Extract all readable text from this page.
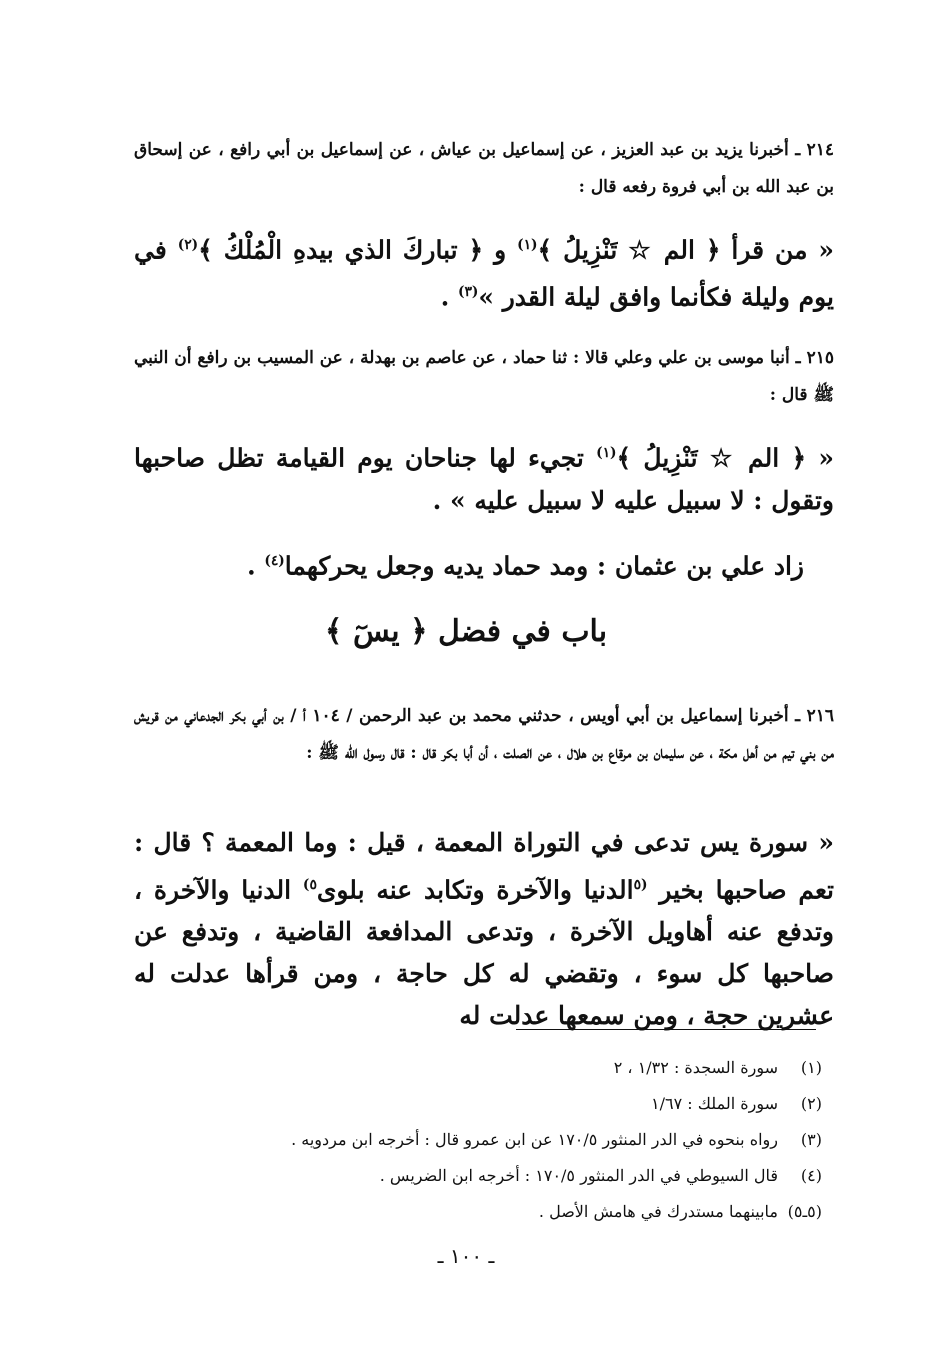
٢١٤ ـ أخبرنا يزيد بن عبد العزيز ، عن إسماعيل بن عياش ، عن إسماعيل بن أبي رافع ، عن إسحاق بن عبد الله بن أبي فروة رفعه قال :
« من قرأ ﴿ الم ☆ تَنْزِيلُ ﴾$^{(١)}$ و ﴿ تباركَ الذي بيدهِ الْمُلْكُ ﴾$^{(٢)}$ في يوم وليلة فكأنما وافق ليلة القدر »$^{(٣)}$ .
٢١٥ ـ أنبا موسى بن علي وعلي قالا : ثنا حماد ، عن عاصم بن بهدلة ، عن المسيب بن رافع أن النبي ﷺ قال :
« ﴿ الم ☆ تَنْزِيلُ ﴾$^{(١)}$ تجيء لها جناحان يوم القيامة تظل صاحبها وتقول : لا سبيل عليه لا سبيل عليه » .
زاد علي بن عثمان : ومد حماد يديه وجعل يحركهما$^{(٤)}$ .
باب في فضل ﴿ يسٓ ﴾
٢١٦ ـ أخبرنا إسماعيل بن أبي أويس ، حدثني محمد بن عبد الرحمن / ١٠٤ أ / بن أبي بكر الجدعاني من قريش من بني تيم من أهل مكة ، عن سليمان بن مرقاع بن هلال ، عن الصلت ، أن أبا بكر قال : قال رسول الله ﷺ :
« سورة يس تدعى في التوراة المعمة ، قيل : وما المعمة ؟ قال : تعم صاحبها بخير $^{(٥}$الدنيا والآخرة وتكابد عنه بلوى$^{٥)}$ الدنيا والآخرة ، وتدفع عنه أهاويل الآخرة ، وتدعى المدافعة القاضية ، وتدفع عن صاحبها كل سوء ، وتقضي له كل حاجة ، ومن قرأها عدلت له عشرين حجة ، ومن سمعها عدلت له
(١)
سورة السجدة : ١/٣٢ ، ٢
(٢)
سورة الملك : ١/٦٧
(٣)
رواه بنحوه في الدر المنثور ١٧٠/٥ عن ابن عمرو قال : أخرجه ابن مردويه .
(٤)
قال السيوطي في الدر المنثور ١٧٠/٥ : أخرجه ابن الضريس .
(٥ـ٥)
مابينهما مستدرك في هامش الأصل .
ـ ١٠٠ ـ
